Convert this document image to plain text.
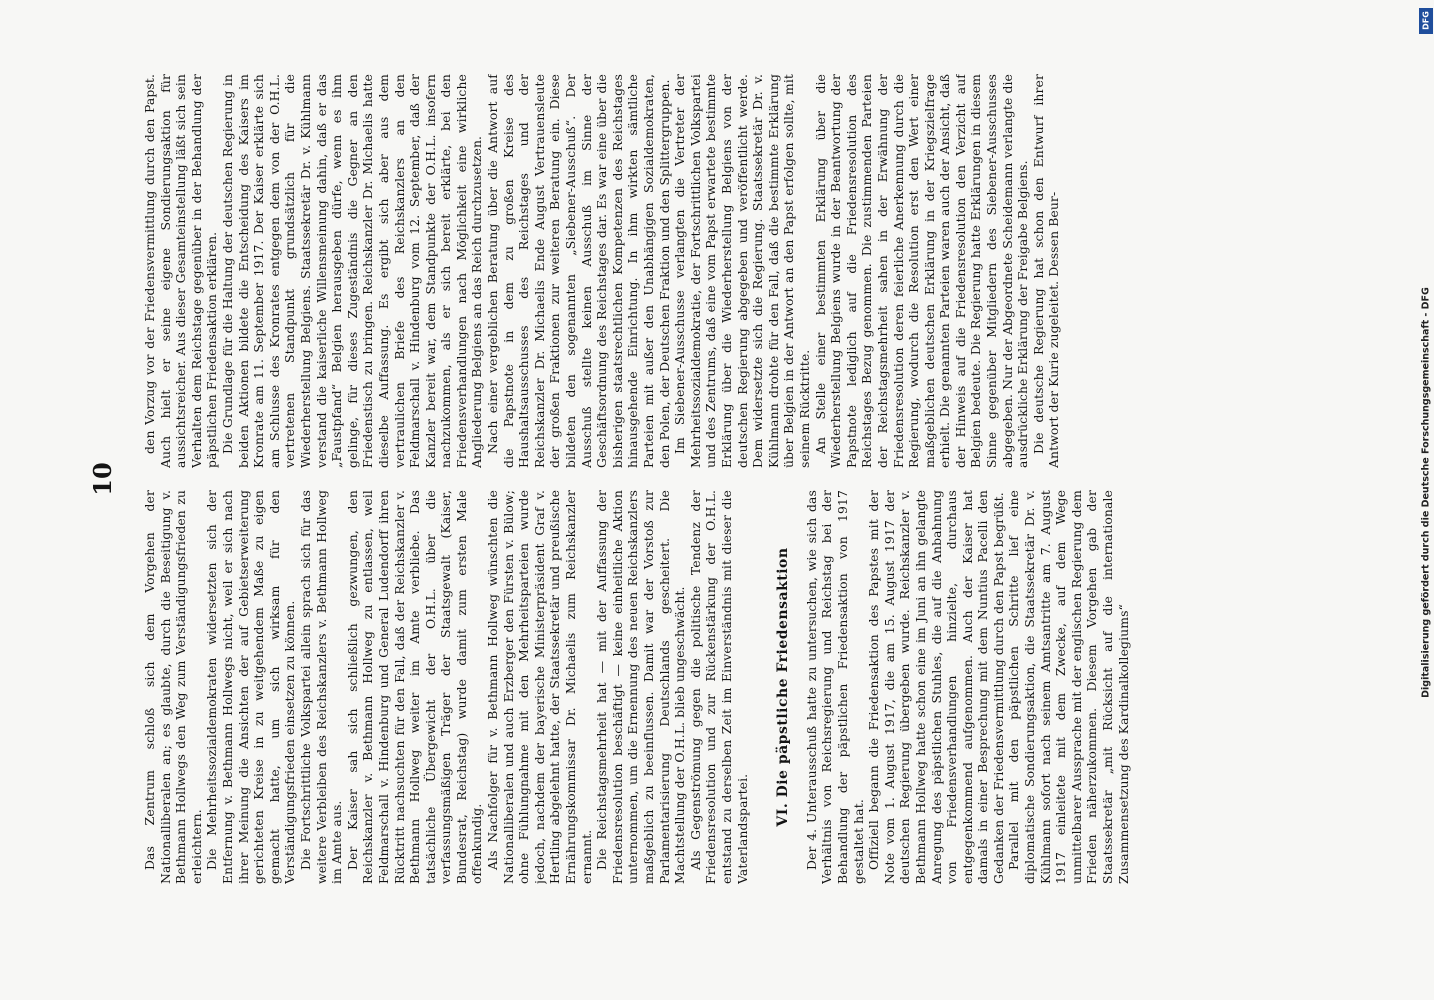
10

Das Zentrum schloß sich dem Vorgehen der Nationalliberalen an; es glaubte, durch die Beseitigung v. Bethmann Hollwegs den Weg zum Verständigungsfrieden zu erleichtern. Die Mehrheitssozialdemokraten widersetzten sich der Entfernung v. Bethmann Hollwegs nicht, weil er sich nach ihrer Meinung die Ansichten der auf Gebietserweiterung gerichteten Kreise in zu weitgehendem Maße zu eigen gemacht hatte, um sich wirksam für den Verständigungsfrieden einsetzen zu können. Die Fortschrittliche Volkspartei allein sprach sich für das weitere Verbleiben des Reichskanzlers v. Bethmann Hollweg im Amte aus. Der Kaiser sah sich schließlich gezwungen, den Reichskanzler v. Bethmann Hollweg zu entlassen, weil Feldmarschall v. Hindenburg und General Ludendorff ihren Rücktritt nachsuchten für den Fall, daß der Reichskanzler v. Bethmann Hollweg weiter im Amte verbliebe. Das tatsächliche Übergewicht der O.H.L. über die verfassungsmäßigen Träger der Staatsgewalt (Kaiser, Bundesrat, Reichstag) wurde damit zum ersten Male offenkundig. Als Nachfolger für v. Bethmann Hollweg wünschten die Nationalliberalen und auch Erzberger den Fürsten v. Bülow; ohne Fühlungnahme mit den Mehrheitsparteien wurde jedoch, nachdem der bayerische Ministerpräsident Graf v. Hertling abgelehnt hatte, der Staatssekretär und preußische Ernährungskommissar Dr. Michaelis zum Reichskanzler ernannt. Die Reichstagsmehrheit hat — mit der Auffassung der Friedensresolution beschäftigt — keine einheitliche Aktion unternommen, um die Ernennung des neuen Reichskanzlers maßgeblich zu beeinflussen. Damit war der Vorstoß zur Parlamentarisierung Deutschlands gescheitert. Die Machtstellung der O.H.L. blieb ungeschwächt. Als Gegenströmung gegen die politische Tendenz der Friedensresolution und zur Rückenstärkung der O.H.L. entstand zu derselben Zeit im Einverständnis mit dieser die Vaterlandspartei.

VI. Die päpstliche Friedensaktion Der 4. Unterausschuß hatte zu untersuchen, wie sich das Verhältnis von Reichsregierung und Reichstag bei der Behandlung der päpstlichen Friedensaktion von 1917 gestaltet hat. Offiziell begann die Friedensaktion des Papstes mit der Note vom 1. August 1917, die am 15. August 1917 der deutschen Regierung übergeben wurde. Reichskanzler v. Bethmann Hollweg hatte schon eine im Juni an ihn gelangte Anregung des päpstlichen Stuhles, die auf die Anbahnung von Friedensverhandlungen hinzielte, durchaus entgegenkommend aufgenommen. Auch der Kaiser hat damals in einer Besprechung mit dem Nuntius Pacelli den Gedanken der Friedensvermittlung durch den Papst begrüßt. Parallel mit den päpstlichen Schritte lief eine diplomatische Sondierungsaktion, die Staatssekretär Dr. v. Kühlmann sofort nach seinem Amtsantritte am 7. August 1917 einleitete mit dem Zwecke, auf dem Wege unmittelbarer Aussprache mit der englischen Regierung dem Frieden näherzukommen. Diesem Vorgehen gab der Staatssekretär „mit Rücksicht auf die internationale Zusammensetzung des Kardinalkollegiums“

den Vorzug vor der Friedensvermittlung durch den Papst. Auch hielt er seine eigene Sondierungsaktion für aussichtsreicher. Aus dieser Gesamteinstellung läßt sich sein Verhalten dem Reichstage gegenüber in der Behandlung der päpstlichen Friedensaktion erklären. Die Grundlage für die Haltung der deutschen Regierung in beiden Aktionen bildete die Entscheidung des Kaisers im Kronrate am 11. September 1917. Der Kaiser erklärte sich am Schlusse des Kronrates entgegen dem von der O.H.L. vertretenen Standpunkt grundsätzlich für die Wiederherstellung Belgiens. Staatssekretär Dr. v. Kühlmann verstand die kaiserliche Willensmeinung dahin, daß er das „Faustpfand“ Belgien herausgeben dürfe, wenn es ihm gelinge, für dieses Zugeständnis die Gegner an den Friedenstisch zu bringen. Reichskanzler Dr. Michaelis hatte dieselbe Auffassung. Es ergibt sich aber aus dem vertraulichen Briefe des Reichskanzlers an den Feldmarschall v. Hindenburg vom 12. September, daß der Kanzler bereit war, dem Standpunkte der O.H.L. insofern nachzukommen, als er sich bereit erklärte, bei den Friedensverhandlungen nach Möglichkeit eine wirkliche Angliederung Belgiens an das Reich durchzusetzen. Nach einer vergeblichen Beratung über die Antwort auf die Papstnote in dem zu großen Kreise des Haushaltsausschusses des Reichstages und der Reichskanzler Dr. Michaelis Ende August Vertrauensleute der großen Fraktionen zur weiteren Beratung ein. Diese bildeten den sogenannten „Siebener-Ausschuß“. Der Ausschuß stellte keinen Ausschuß im Sinne der Geschäftsordnung des Reichstages dar. Es war eine über die bisherigen staatsrechtlichen Kompetenzen des Reichstages hinausgehende Einrichtung. In ihm wirkten sämtliche Parteien mit außer den Unabhängigen Sozialdemokraten, den Polen, der Deutschen Fraktion und den Splittergruppen. Im Siebener-Ausschusse verlangten die Vertreter der Mehrheitssozialdemokratie, der Fortschrittlichen Volkspartei und des Zentrums, daß eine vom Papst erwartete bestimmte Erklärung über die Wiederherstellung Belgiens von der deutschen Regierung abgegeben und veröffentlicht werde. Dem widersetzte sich die Regierung. Staatssekretär Dr. v. Kühlmann drohte für den Fall, daß die bestimmte Erklärung über Belgien in der Antwort an den Papst erfolgen sollte, mit seinem Rücktritte. An Stelle einer bestimmten Erklärung über die Wiederherstellung Belgiens wurde in der Beantwortung der Papstnote lediglich auf die Friedensresolution des Reichstages Bezug genommen. Die zustimmenden Parteien der Reichstagsmehrheit sahen in der Erwähnung der Friedensresolution deren feierliche Anerkennung durch die Regierung, wodurch die Resolution erst den Wert einer maßgeblichen deutschen Erklärung in der Kriegszielfrage erhielt. Die genannten Parteien waren auch der Ansicht, daß der Hinweis auf die Friedensresolution den Verzicht auf Belgien bedeute. Die Regierung hatte Erklärungen in diesem Sinne gegenüber Mitgliedern des Siebener-Ausschusses abgegeben. Nur der Abgeordnete Scheidemann verlangte die ausdrückliche Erklärung der Freigabe Belgiens. Die deutsche Regierung hat schon den Entwurf ihrer Antwort der Kurie zugeleitet. Dessen Beur-

DFG
Digitalisierung gefördert durch die Deutsche Forschungsgemeinschaft - DFG
